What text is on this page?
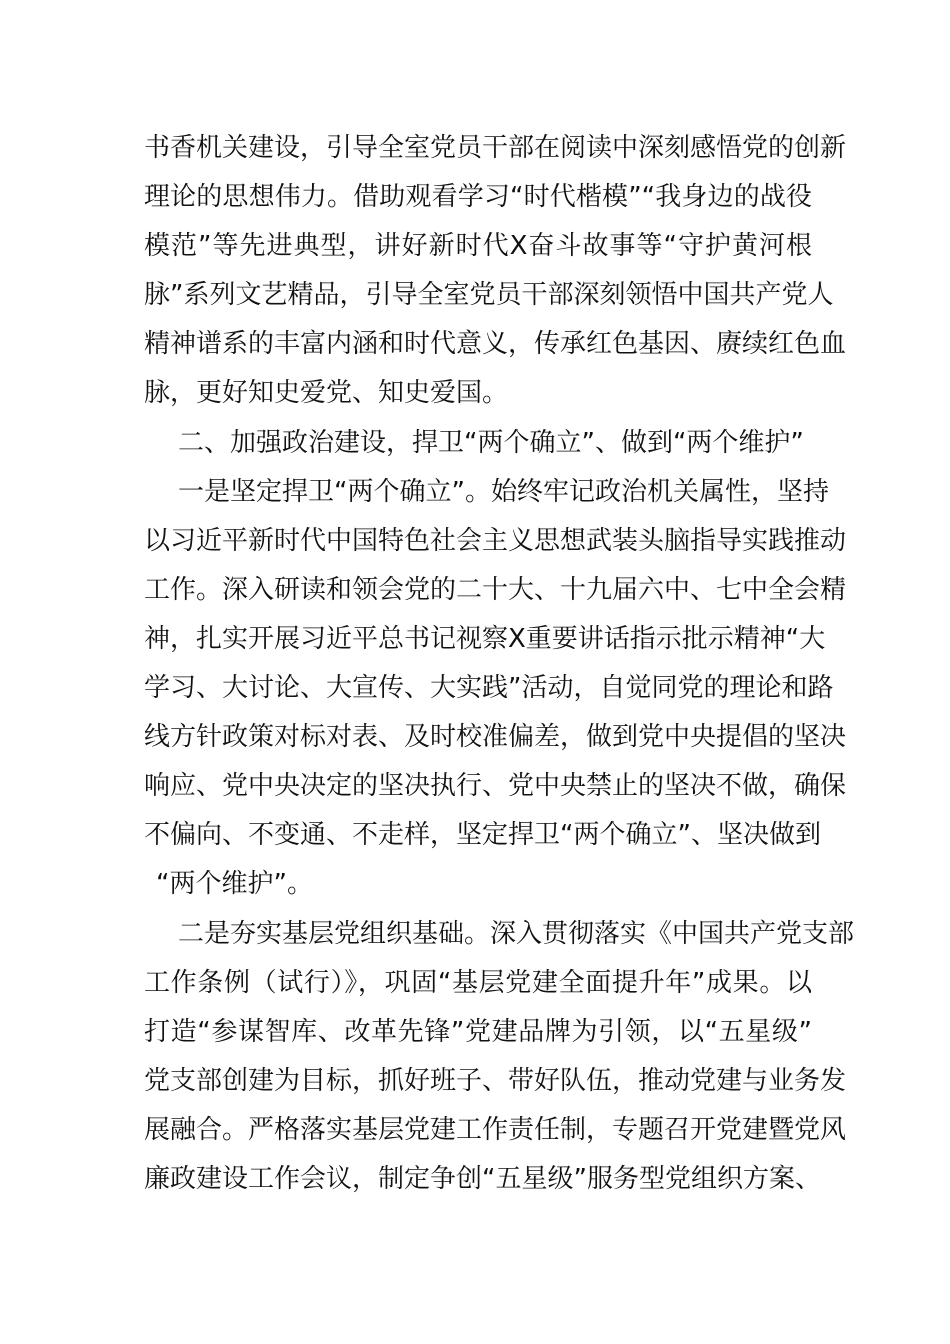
书香机关建设，引导全室党员干部在阅读中深刻感悟党的创新
理论的思想伟力。借助观看学习“时代楷模”“我身边的战役
模范”等先进典型，讲好新时代X奋斗故事等“守护黄河根
脉”系列文艺精品，引导全室党员干部深刻领悟中国共产党人
精神谱系的丰富内涵和时代意义，传承红色基因、赓续红色血
脉，更好知史爱党、知史爱国。
二、加强政治建设，捍卫“两个确立”、做到“两个维护”
一是坚定捍卫“两个确立”。始终牢记政治机关属性，坚持
以习近平新时代中国特色社会主义思想武装头脑指导实践推动
工作。深入研读和领会党的二十大、十九届六中、七中全会精
神，扎实开展习近平总书记视察X重要讲话指示批示精神“大
学习、大讨论、大宣传、大实践”活动，自觉同党的理论和路
线方针政策对标对表、及时校准偏差，做到党中央提倡的坚决
响应、党中央决定的坚决执行、党中央禁止的坚决不做，确保
不偏向、不变通、不走样，坚定捍卫“两个确立”、坚决做到
“两个维护”。
二是夯实基层党组织基础。深入贯彻落实《中国共产党支部
工作条例（试行）》，巩固“基层党建全面提升年”成果。以
打造“参谋智库、改革先锋”党建品牌为引领，以“五星级”
党支部创建为目标，抓好班子、带好队伍，推动党建与业务发
展融合。严格落实基层党建工作责任制，专题召开党建暨党风
廉政建设工作会议，制定争创“五星级”服务型党组织方案、
